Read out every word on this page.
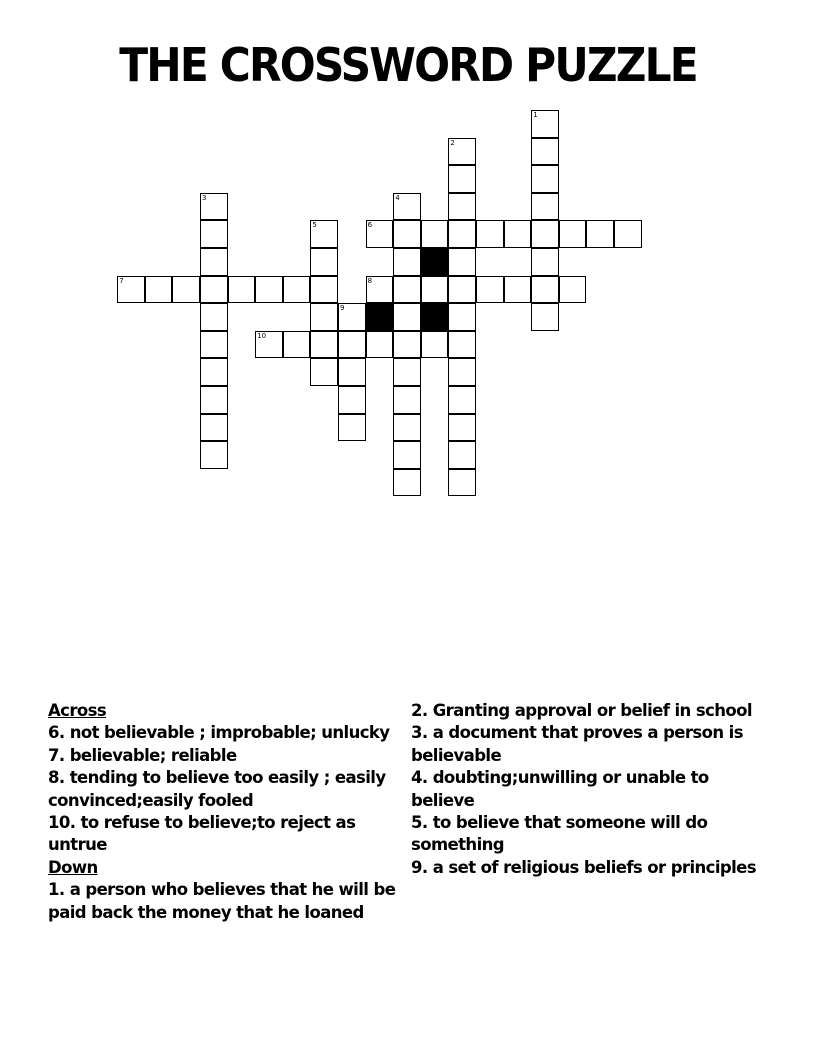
THE CROSSWORD PUZZLE
1
2
3	4
5	6
7	8
9
10
Across
6. not believable ; improbable; unlucky
7. believable; reliable
8. tending to believe too easily ; easily convinced;easily fooled
10. to refuse to believe;to reject as untrue
Down
1. a person who believes that he will be paid back the money that he loaned
2. Granting approval or belief in school
3. a document that proves a person is believable
4. doubting;unwilling or unable to believe
5. to believe that someone will do something
9. a set of religious beliefs or principles
